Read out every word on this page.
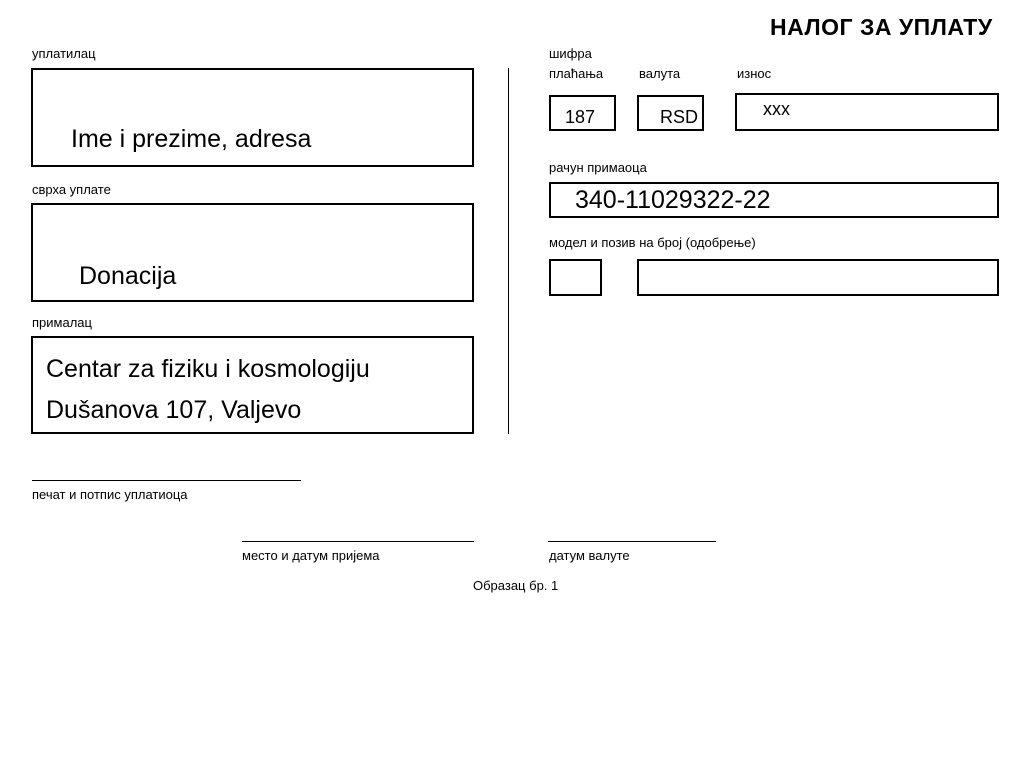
НАЛОГ ЗА УПЛАТУ
уплатилац
Ime i prezime, adresa
сврха уплате
Donacija
прималац
Centar za fiziku i kosmologiju
Dušanova 107, Valjevo
шифра
плаћања	валута	износ
187	RSD	xxx
рачун примаоца
340-11029322-22
модел и позив на број (одобрење)
печат и потпис уплатиоца
место и датум пријема	датум валуте
Образац бр. 1
